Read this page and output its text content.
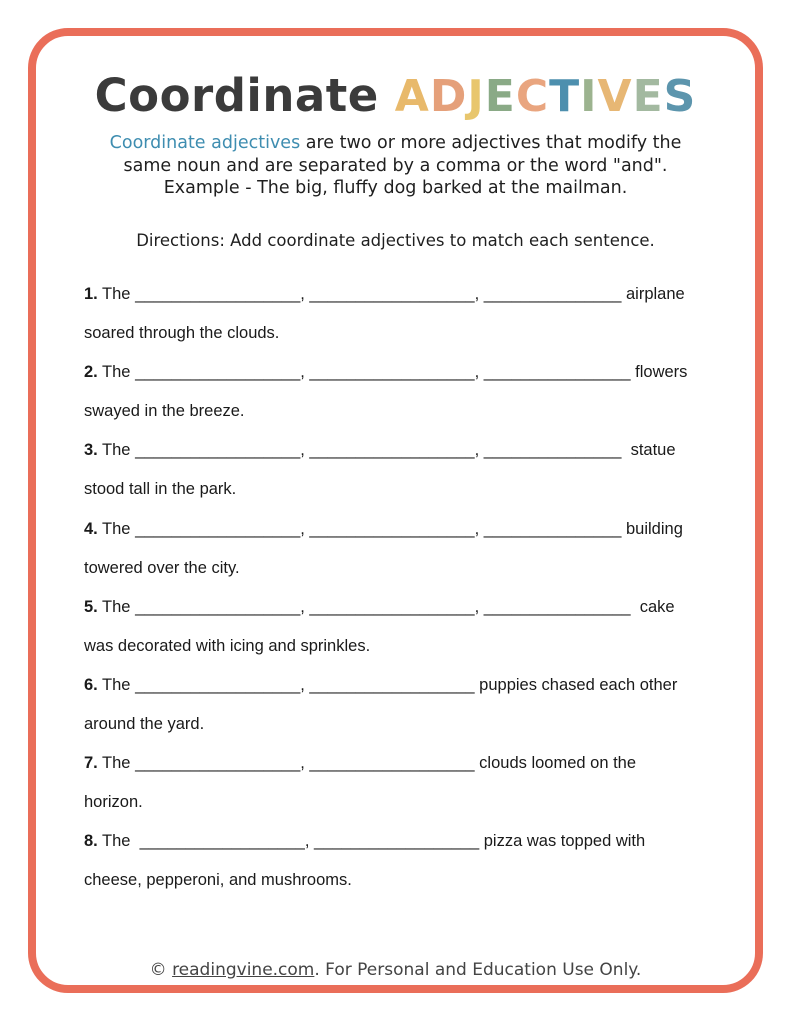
Coordinate ADJECTIVES
Coordinate adjectives are two or more adjectives that modify the same noun and are separated by a comma or the word "and".
Example - The big, fluffy dog barked at the mailman.
Directions: Add coordinate adjectives to match each sentence.
1. The __________________, __________________, _______________ airplane
soared through the clouds.
2. The __________________, __________________, ________________ flowers
swayed in the breeze.
3. The __________________, __________________, _______________  statue
stood tall in the park.
4. The __________________, __________________, _______________ building
towered over the city.
5. The __________________, __________________, ________________  cake
was decorated with icing and sprinkles.
6. The __________________, __________________ puppies chased each other
around the yard.
7. The __________________, __________________ clouds loomed on the
horizon.
8. The  __________________, __________________ pizza was topped with
cheese, pepperoni, and mushrooms.
© readingvine.com. For Personal and Education Use Only.
